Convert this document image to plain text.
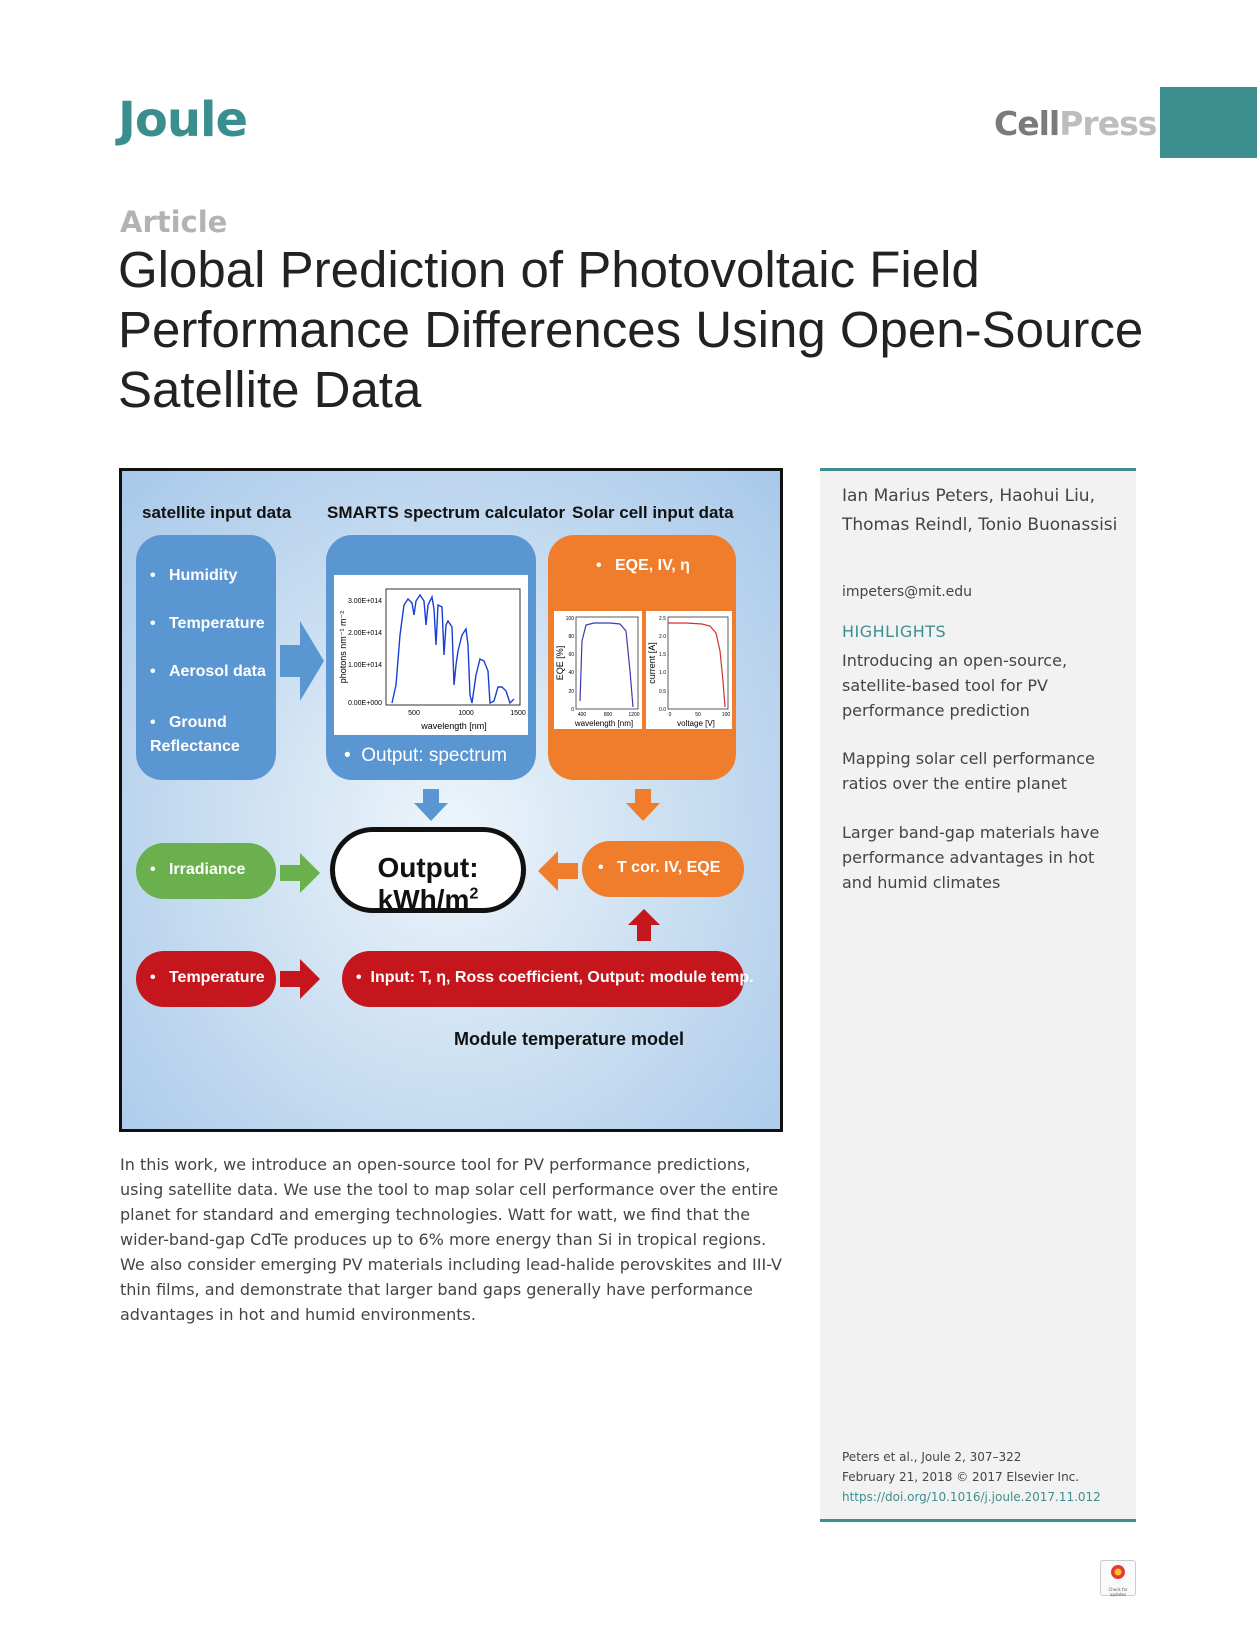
Joule	CellPress
Article
Global Prediction of Photovoltaic Field Performance Differences Using Open-Source Satellite Data
satellite input data SMARTS spectrum calculator Solar cell input data
• Humidity
• Temperature
• Aerosol data
• Ground Reflectance
0.00E+000
1.00E+014
2.00E+014
3.00E+014
500	1000	1500
wavelength [nm]
photons nm⁻¹ m⁻²
• Output: spectrum
• EQE, IV, η
0
20
40
60
80
100
400	800	1200
wavelength [nm]
EQE [%]
0.0
0.5
1.0
1.5
2.0
2.5
0	50	100
voltage [V]
current [A]
• Irradiance	Output: kWh/$m^2$
• T cor. IV, EQE
• Temperature	• Input: T, η, Ross coefficient, Output: module temp.
Module temperature model
In this work, we introduce an open-source tool for PV performance predictions, using satellite data. We use the tool to map solar cell performance over the entire planet for standard and emerging technologies. Watt for watt, we find that the wider-band-gap CdTe produces up to 6% more energy than Si in tropical regions. We also consider emerging PV materials including lead-halide perovskites and III-V thin films, and demonstrate that larger band gaps generally have performance advantages in hot and humid environments.
Ian Marius Peters, Haohui Liu, Thomas Reindl, Tonio Buonassisi
impeters@mit.edu
HIGHLIGHTS
Introducing an open-source, satellite-based tool for PV performance prediction
Mapping solar cell performance ratios over the entire planet
Larger band-gap materials have performance advantages in hot and humid climates
Peters et al., Joule 2, 307–322
February 21, 2018 © 2017 Elsevier Inc.
https://doi.org/10.1016/j.joule.2017.11.012
Check for updates
